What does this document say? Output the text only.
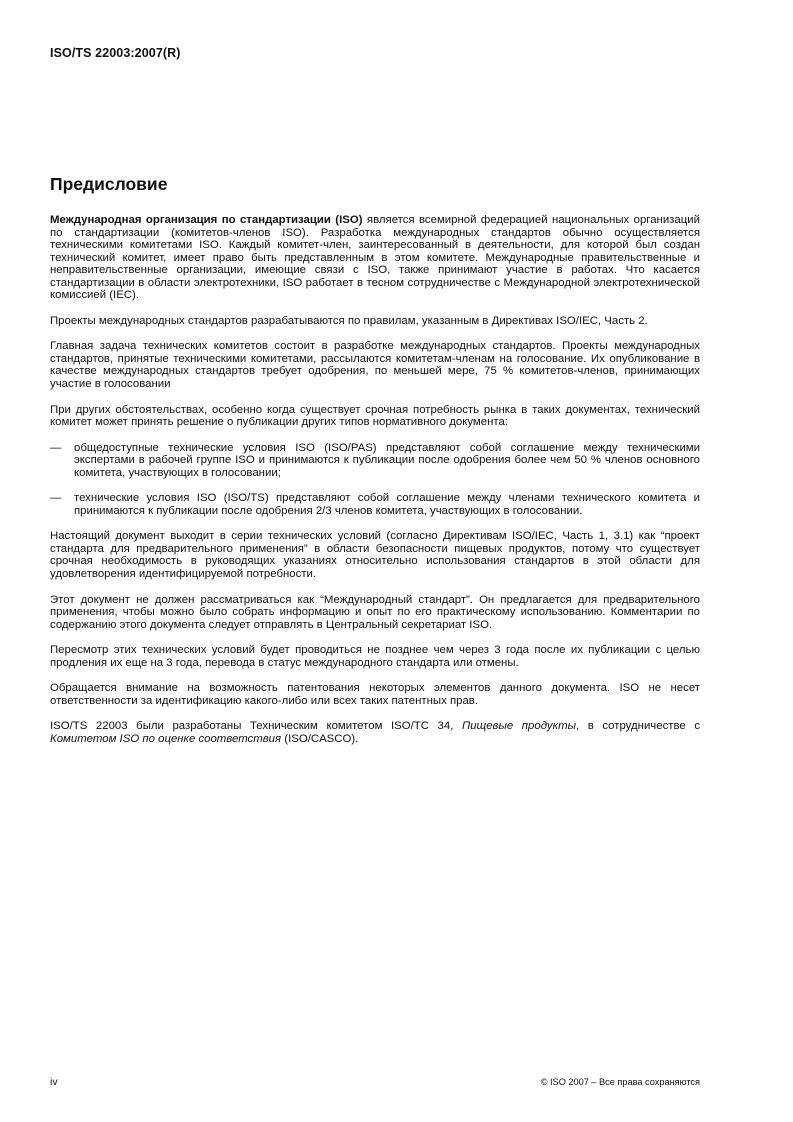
ISO/TS 22003:2007(R)
Предисловие

Международная организация по стандартизации (ISO) является всемирной федерацией национальных организаций по стандартизации (комитетов-членов ISO). Разработка международных стандартов обычно осуществляется техническими комитетами ISO. Каждый комитет-член, заинтересованный в деятельности, для которой был создан технический комитет, имеет право быть представленным в этом комитете. Международные правительственные и неправительственные организации, имеющие связи с ISO, также принимают участие в работах. Что касается стандартизации в области электротехники, ISO работает в тесном сотрудничестве с Международной электротехнической комиссией (IEC).

Проекты международных стандартов разрабатываются по правилам, указанным в Директивах ISO/IEC, Часть 2.

Главная задача технических комитетов состоит в разработке международных стандартов. Проекты международных стандартов, принятые техническими комитетами, рассылаются комитетам-членам на голосование. Их опубликование в качестве международных стандартов требует одобрения, по меньшей мере, 75 % комитетов-членов, принимающих участие в голосовании

При других обстоятельствах, особенно когда существует срочная потребность рынка в таких документах, технический комитет может принять решение о публикации других типов нормативного документа:

—	общедоступные технические условия ISO (ISO/PAS) представляют собой соглашение между техническими экспертами в рабочей группе ISO и принимаются к публикации после одобрения более чем 50 % членов основного комитета, участвующих в голосовании;
—	технические условия ISO (ISO/TS) представляют собой соглашение между членами технического комитета и принимаются к публикации после одобрения 2/3 членов комитета, участвующих в голосовании.

Настоящий документ выходит в серии технических условий (согласно Директивам ISO/IEC, Часть 1, 3.1) как “проект стандарта для предварительного применения” в области безопасности пищевых продуктов, потому что существует срочная необходимость в руководящих указаниях относительно использования стандартов в этой области для удовлетворения идентифицируемой потребности.

Этот документ не должен рассматриваться как “Международный стандарт”. Он предлагается для предварительного применения, чтобы можно было собрать информацию и опыт по его практическому использованию. Комментарии по содержанию этого документа следует отправлять в Центральный секретариат ISO.

Пересмотр этих технических условий будет проводиться не позднее чем через 3 года после их публикации с целью продления их еще на 3 года, перевода в статус международного стандарта или отмены.

Обращается внимание на возможность патентования некоторых элементов данного документа. ISO не несет ответственности за идентификацию какого-либо или всех таких патентных прав.

ISO/TS 22003 были разработаны Техническим комитетом ISO/TC 34, Пищевые продукты, в сотрудничестве с Комитетом ISO по оценке соответствия (ISO/CASCO).

iv	© ISO 2007 – Все права сохраняются
